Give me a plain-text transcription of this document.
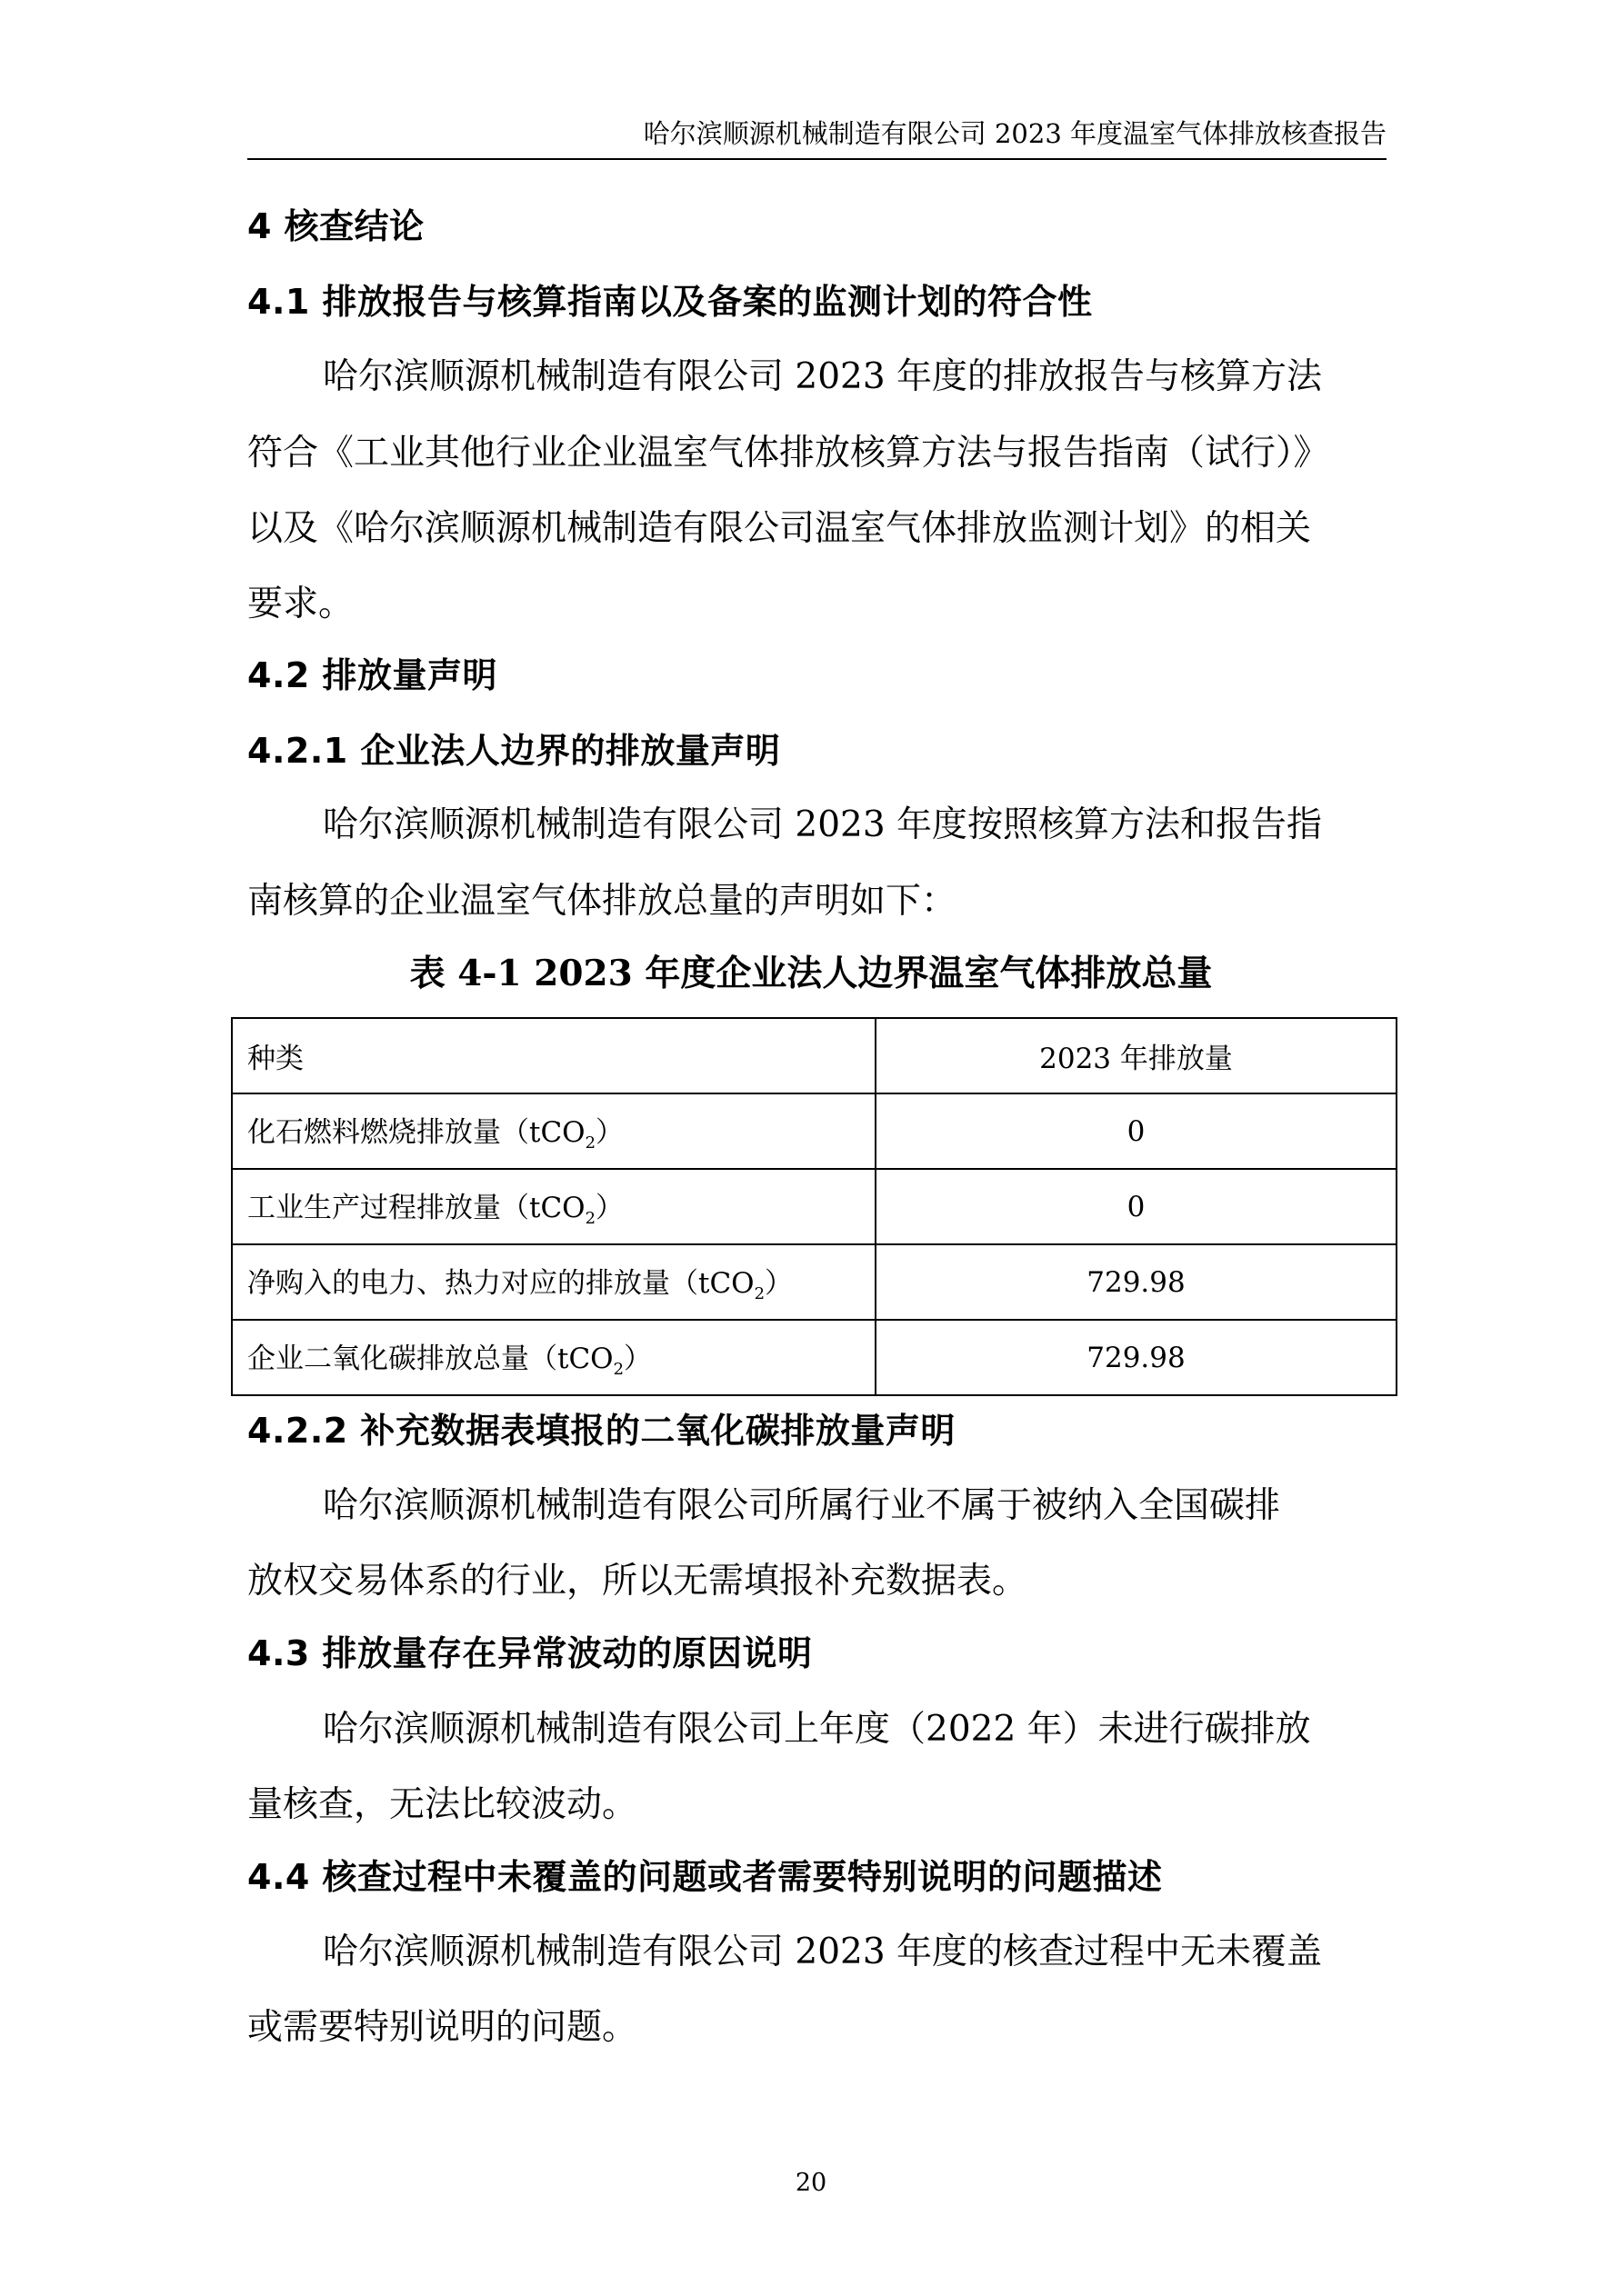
哈尔滨顺源机械制造有限公司 2023 年度温室气体排放核查报告
4 核查结论
4.1 排放报告与核算指南以及备案的监测计划的符合性
哈尔滨顺源机械制造有限公司 2023 年度的排放报告与核算方法
符合《工业其他行业企业温室气体排放核算方法与报告指南（试行）》
以及《哈尔滨顺源机械制造有限公司温室气体排放监测计划》的相关
要求。
4.2 排放量声明
4.2.1 企业法人边界的排放量声明
哈尔滨顺源机械制造有限公司 2023 年度按照核算方法和报告指
南核算的企业温室气体排放总量的声明如下：
表 4-1 2023 年度企业法人边界温室气体排放总量
种类	2023 年排放量
化石燃料燃烧排放量（tCO$_2$）	0
工业生产过程排放量（tCO$_2$）	0
净购入的电力、热力对应的排放量（tCO$_2$）	729.98
企业二氧化碳排放总量（tCO$_2$）	729.98
4.2.2 补充数据表填报的二氧化碳排放量声明
哈尔滨顺源机械制造有限公司所属行业不属于被纳入全国碳排
放权交易体系的行业，所以无需填报补充数据表。
4.3 排放量存在异常波动的原因说明
哈尔滨顺源机械制造有限公司上年度（2022 年）未进行碳排放
量核查，无法比较波动。
4.4 核查过程中未覆盖的问题或者需要特别说明的问题描述
哈尔滨顺源机械制造有限公司 2023 年度的核查过程中无未覆盖
或需要特别说明的问题。
20
